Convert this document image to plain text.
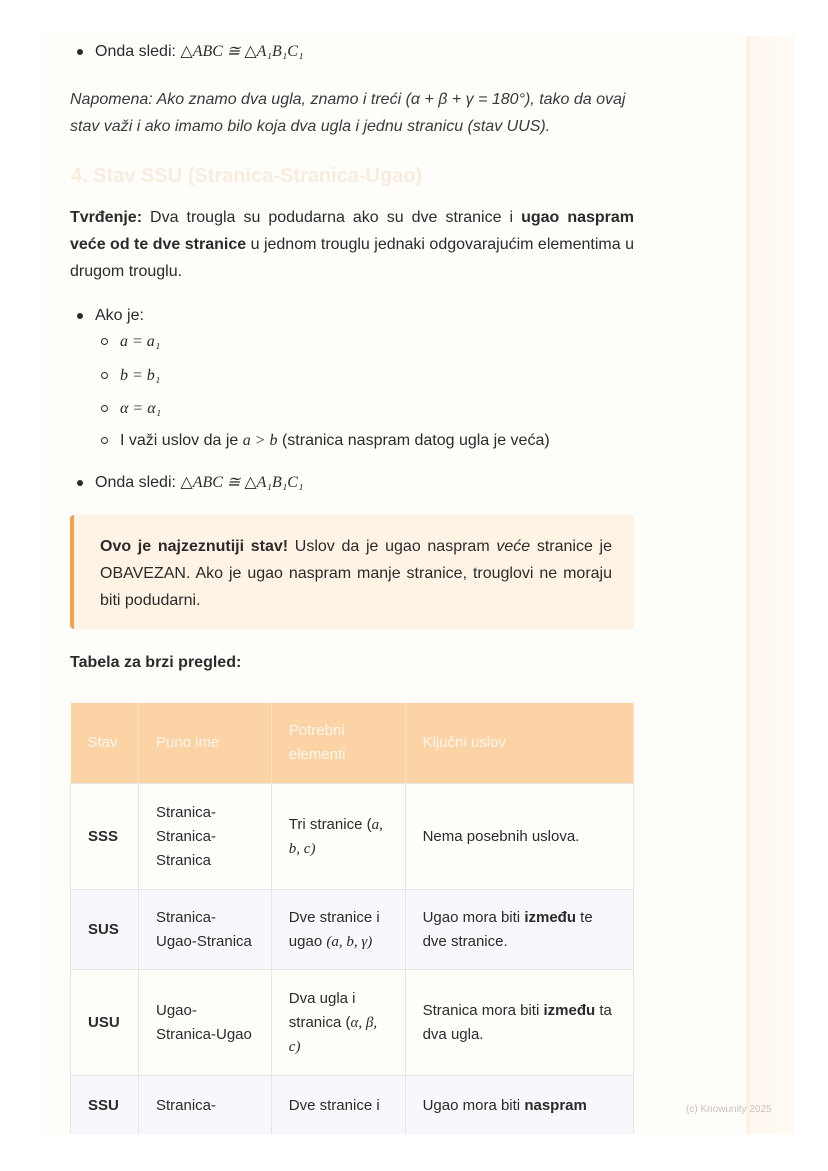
Onda sledi: △ABC ≅ △A₁B₁C₁
Napomena: Ako znamo dva ugla, znamo i treći (α + β + γ = 180°), tako da ovaj stav važi i ako imamo bilo koja dva ugla i jednu stranicu (stav UUS).
4. Stav SSU (Stranica-Stranica-Ugao)
Tvrđenje: Dva trougla su podudarna ako su dve stranice i ugao naspram veće od te dve stranice u jednom trouglu jednaki odgovarajućim elementima u drugom trouglu.
Ako je:
a = a₁
b = b₁
α = α₁
I važi uslov da je a > b (stranica naspram datog ugla je veća)
Onda sledi: △ABC ≅ △A₁B₁C₁
Ovo je najzeznutiji stav! Uslov da je ugao naspram veće stranice je OBAVEZAN. Ako je ugao naspram manje stranice, trouglovi ne moraju biti podudarni.
Tabela za brzi pregled:
Stav	Puno ime	Potrebni elementi	Ključni uslov
SSS	Stranica-Stranica-Stranica	Tri stranice (a, b, c)	Nema posebnih uslova.
SUS	Stranica-Ugao-Stranica	Dve stranice i ugao (a, b, γ)	Ugao mora biti između te dve stranice.
USU	Ugao-Stranica-Ugao	Dva ugla i stranica (α, β, c)	Stranica mora biti između ta dva ugla.
SSU	Stranica-	Dve stranice i	Ugao mora biti naspram	(c) Knowunity 2025
